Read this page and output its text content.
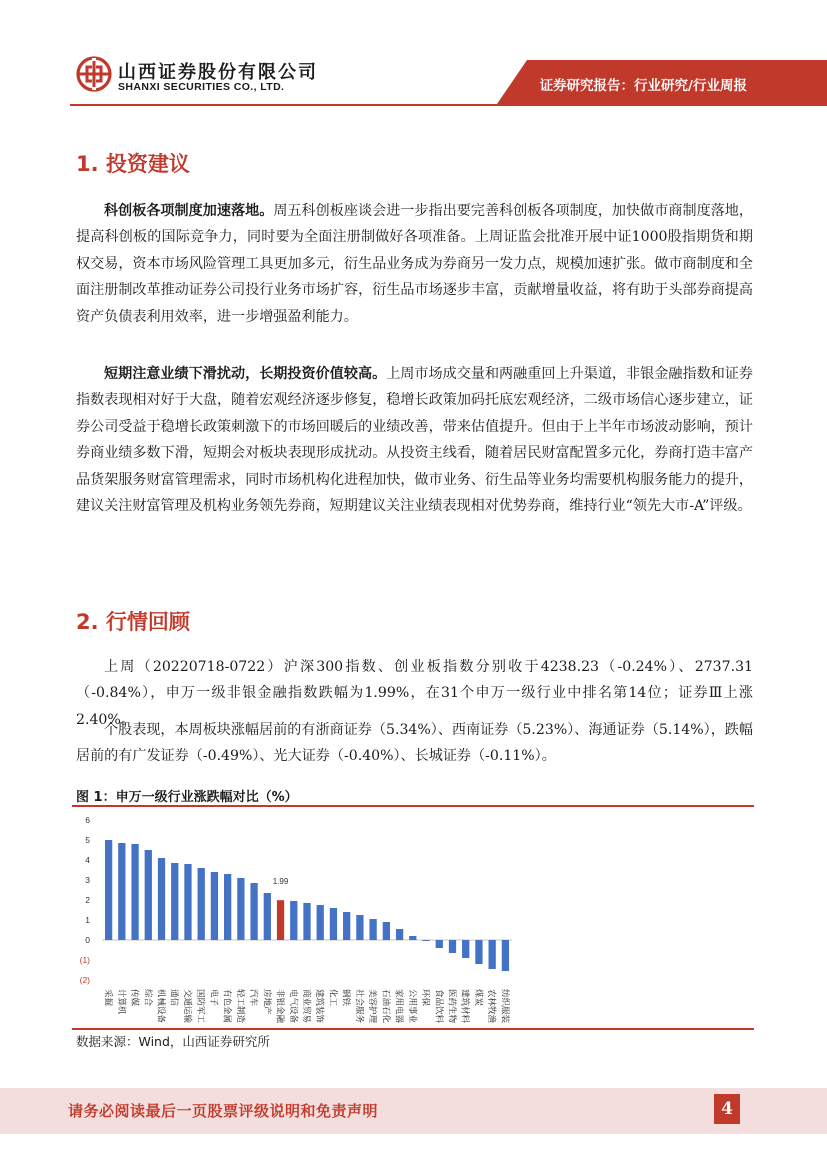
山西证券股份有限公司
SHANXI SECURITIES CO., LTD.	证券研究报告：行业研究/行业周报
1. 投资建议

科创板各项制度加速落地。周五科创板座谈会进一步指出要完善科创板各项制度，加快做市商制度落地，提高科创板的国际竞争力，同时要为全面注册制做好各项准备。上周证监会批准开展中证1000股指期货和期权交易，资本市场风险管理工具更加多元，衍生品业务成为券商另一发力点，规模加速扩张。做市商制度和全面注册制改革推动证券公司投行业务市场扩容，衍生品市场逐步丰富，贡献增量收益，将有助于头部券商提高资产负债表利用效率，进一步增强盈利能力。

短期注意业绩下滑扰动，长期投资价值较高。上周市场成交量和两融重回上升渠道，非银金融指数和证券指数表现相对好于大盘，随着宏观经济逐步修复，稳增长政策加码托底宏观经济，二级市场信心逐步建立，证券公司受益于稳增长政策刺激下的市场回暖后的业绩改善，带来估值提升。但由于上半年市场波动影响，预计券商业绩多数下滑，短期会对板块表现形成扰动。从投资主线看，随着居民财富配置多元化，券商打造丰富产品货架服务财富管理需求，同时市场机构化进程加快，做市业务、衍生品等业务均需要机构服务能力的提升，建议关注财富管理及机构业务领先券商，短期建议关注业绩表现相对优势券商，维持行业“领先大市-A”评级。

2. 行情回顾

上周（20220718-0722）沪深300指数、创业板指数分别收于4238.23（-0.24%）、2737.31（-0.84%），申万一级非银金融指数跌幅为1.99%，在31个申万一级行业中排名第14位；证券Ⅲ上涨2.40%。

个股表现，本周板块涨幅居前的有浙商证券（5.34%）、西南证券（5.23%）、海通证券（5.14%），跌幅居前的有广发证券（-0.49%）、光大证券（-0.40%）、长城证券（-0.11%）。

图 1：申万一级行业涨跌幅对比（%）
(2)
(1)
0
1
2
3
4
5
6
采掘 计算机 传媒 综合 机械设备 通信 交通运输 国防军工 电子 有色金属 轻工制造 汽车 房地产
1.99
非银金融 电气设备 商业贸易 建筑装饰 化工 钢铁 社会服务 美容护理 石油石化 家用电器 公用事业 环保 食品饮料 医药生物 建筑材料 煤炭 农林牧渔 纺织服装
数据来源：Wind，山西证券研究所
请务必阅读最后一页股票评级说明和免责声明	4
